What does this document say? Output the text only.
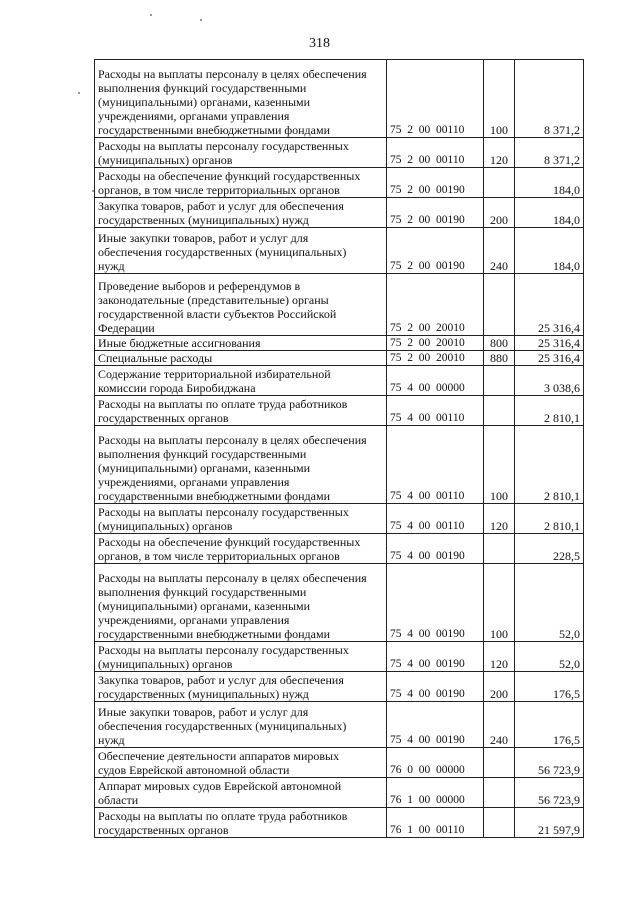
318
Расходы на выплаты персоналу в целях обеспечения
выполнения функций государственными
(муниципальными) органами, казенными
учреждениями, органами управления
государственными внебюджетными фондами	75  2  00  00110	100	8 371,2
Расходы на выплаты персоналу государственных
(муниципальных) органов	75  2  00  00110	120	8 371,2
Расходы на обеспечение функций государственных
органов, в том числе территориальных органов	75  2  00  00190		184,0
Закупка товаров, работ и услуг для обеспечения
государственных (муниципальных) нужд	75  2  00  00190	200	184,0
Иные закупки товаров, работ и услуг для
обеспечения государственных (муниципальных)
нужд	75  2  00  00190	240	184,0
Проведение выборов и референдумов в
законодательные (представительные) органы
государственной власти субъектов Российской
Федерации	75  2  00  20010		25 316,4
Иные бюджетные ассигнования	75  2  00  20010	800	25 316,4
Специальные расходы	75  2  00  20010	880	25 316,4
Содержание территориальной избирательной
комиссии города Биробиджана	75  4  00  00000		3 038,6
Расходы на выплаты по оплате труда работников
государственных органов	75  4  00  00110		2 810,1
Расходы на выплаты персоналу в целях обеспечения
выполнения функций государственными
(муниципальными) органами, казенными
учреждениями, органами управления
государственными внебюджетными фондами	75  4  00  00110	100	2 810,1
Расходы на выплаты персоналу государственных
(муниципальных) органов	75  4  00  00110	120	2 810,1
Расходы на обеспечение функций государственных
органов, в том числе территориальных органов	75  4  00  00190		228,5
Расходы на выплаты персоналу в целях обеспечения
выполнения функций государственными
(муниципальными) органами, казенными
учреждениями, органами управления
государственными внебюджетными фондами	75  4  00  00190	100	52,0
Расходы на выплаты персоналу государственных
(муниципальных) органов	75  4  00  00190	120	52,0
Закупка товаров, работ и услуг для обеспечения
государственных (муниципальных) нужд	75  4  00  00190	200	176,5
Иные закупки товаров, работ и услуг для
обеспечения государственных (муниципальных)
нужд	75  4  00  00190	240	176,5
Обеспечение деятельности аппаратов мировых
судов Еврейской автономной области	76  0  00  00000		56 723,9
Аппарат мировых судов Еврейской автономной
области	76  1  00  00000		56 723,9
Расходы на выплаты по оплате труда работников
государственных органов	76  1  00  00110		21 597,9
